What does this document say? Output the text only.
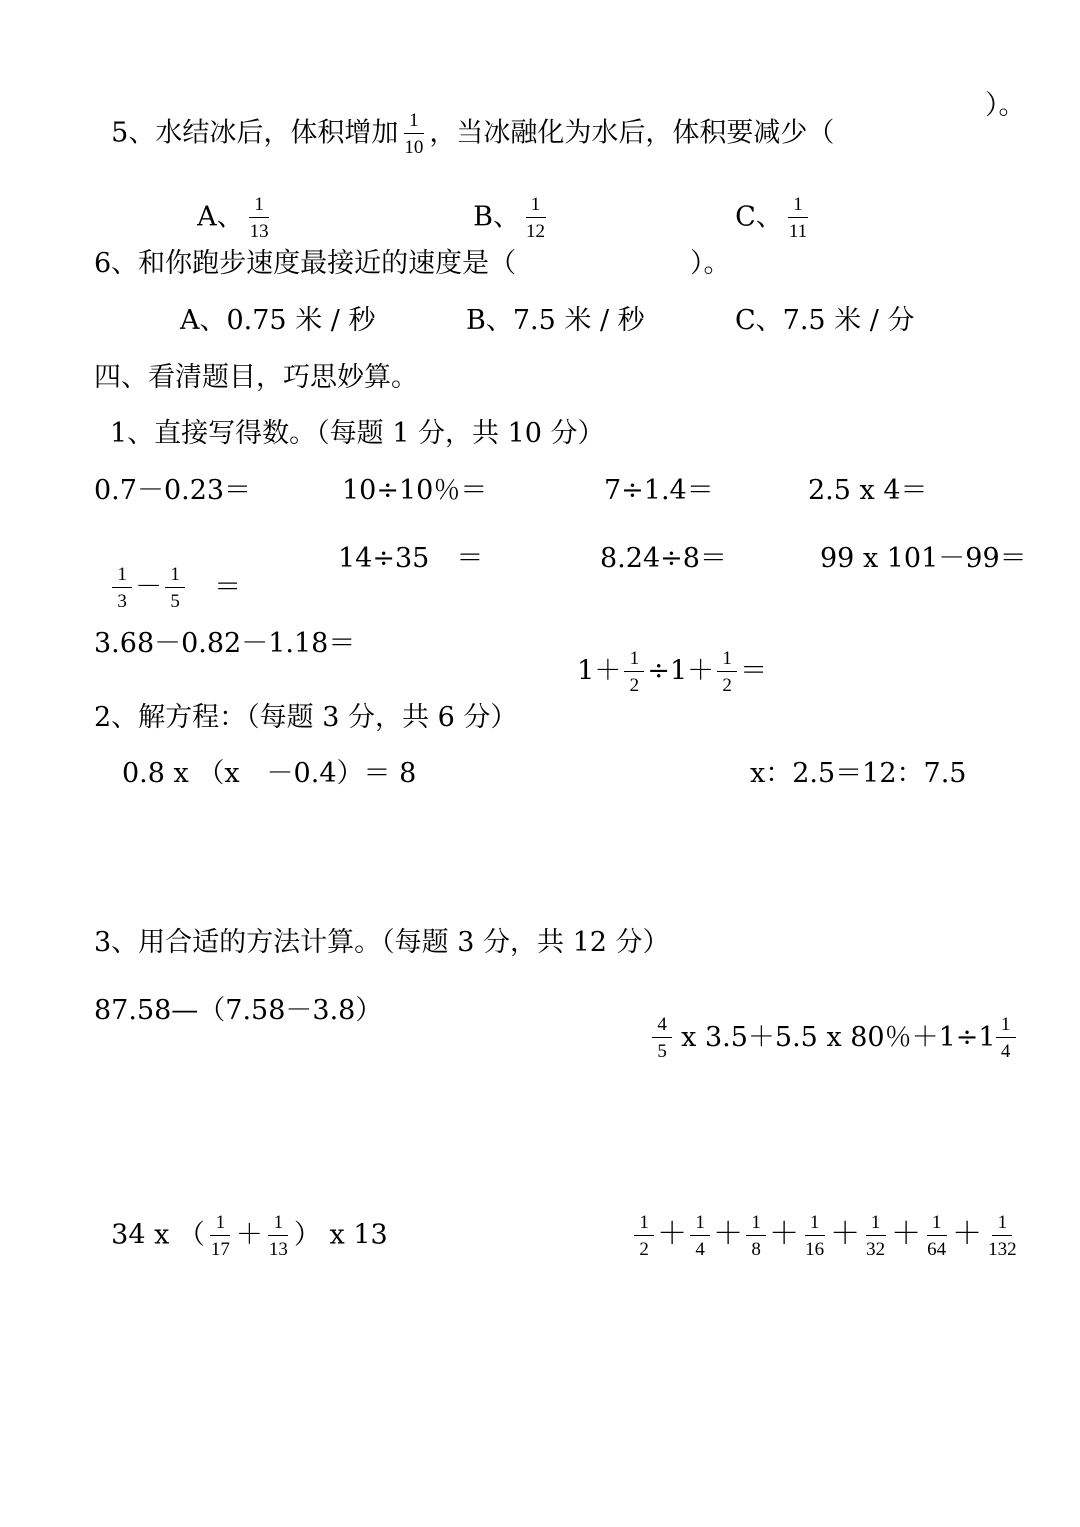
5、水结冰后，体积增加 $\frac{1}{10}$ ，当冰融化为水后，体积要减少（

）。

A、 $\frac{1}{13}$	B、 $\frac{1}{12}$	C、 $\frac{1}{11}$

6、和你跑步速度最接近的速度是（	）。
A、0.75 米 / 秒	B、7.5 米 / 秒	C、7.5 米 / 分
四、看清题目，巧思妙算。
1、直接写得数。（每题 1 分，共 10 分）
0.7－0.23＝	10÷10％＝	7÷1.4＝	2.5 x 4＝

$\frac{1}{3} - \frac{1}{5}$ ＝

14÷35　＝	8.24÷8＝	99 x 101－99＝
3.68－0.82－1.18＝

$1+ \frac{1}{2} \div 1+ \frac{1}{2}$ ＝

2、解方程：（每题 3 分，共 6 分）
0.8 x （x　－0.4）＝ 8	x：2.5＝12：7.5
3、用合适的方法计算。（每题 3 分，共 12 分）
87.58—（7.58－3.8）

$\frac{4}{5}$ x 3.5＋5.5 x 80％$+1\div 1 \frac{1}{4}$

34 x （ $\frac{1}{17} + \frac{1}{13}$ ） x 13

	$\frac{1}{2} + \frac{1}{4} + \frac{1}{8} + \frac{1}{16} + \frac{1}{32} + \frac{1}{64} + \frac{1}{132}$
